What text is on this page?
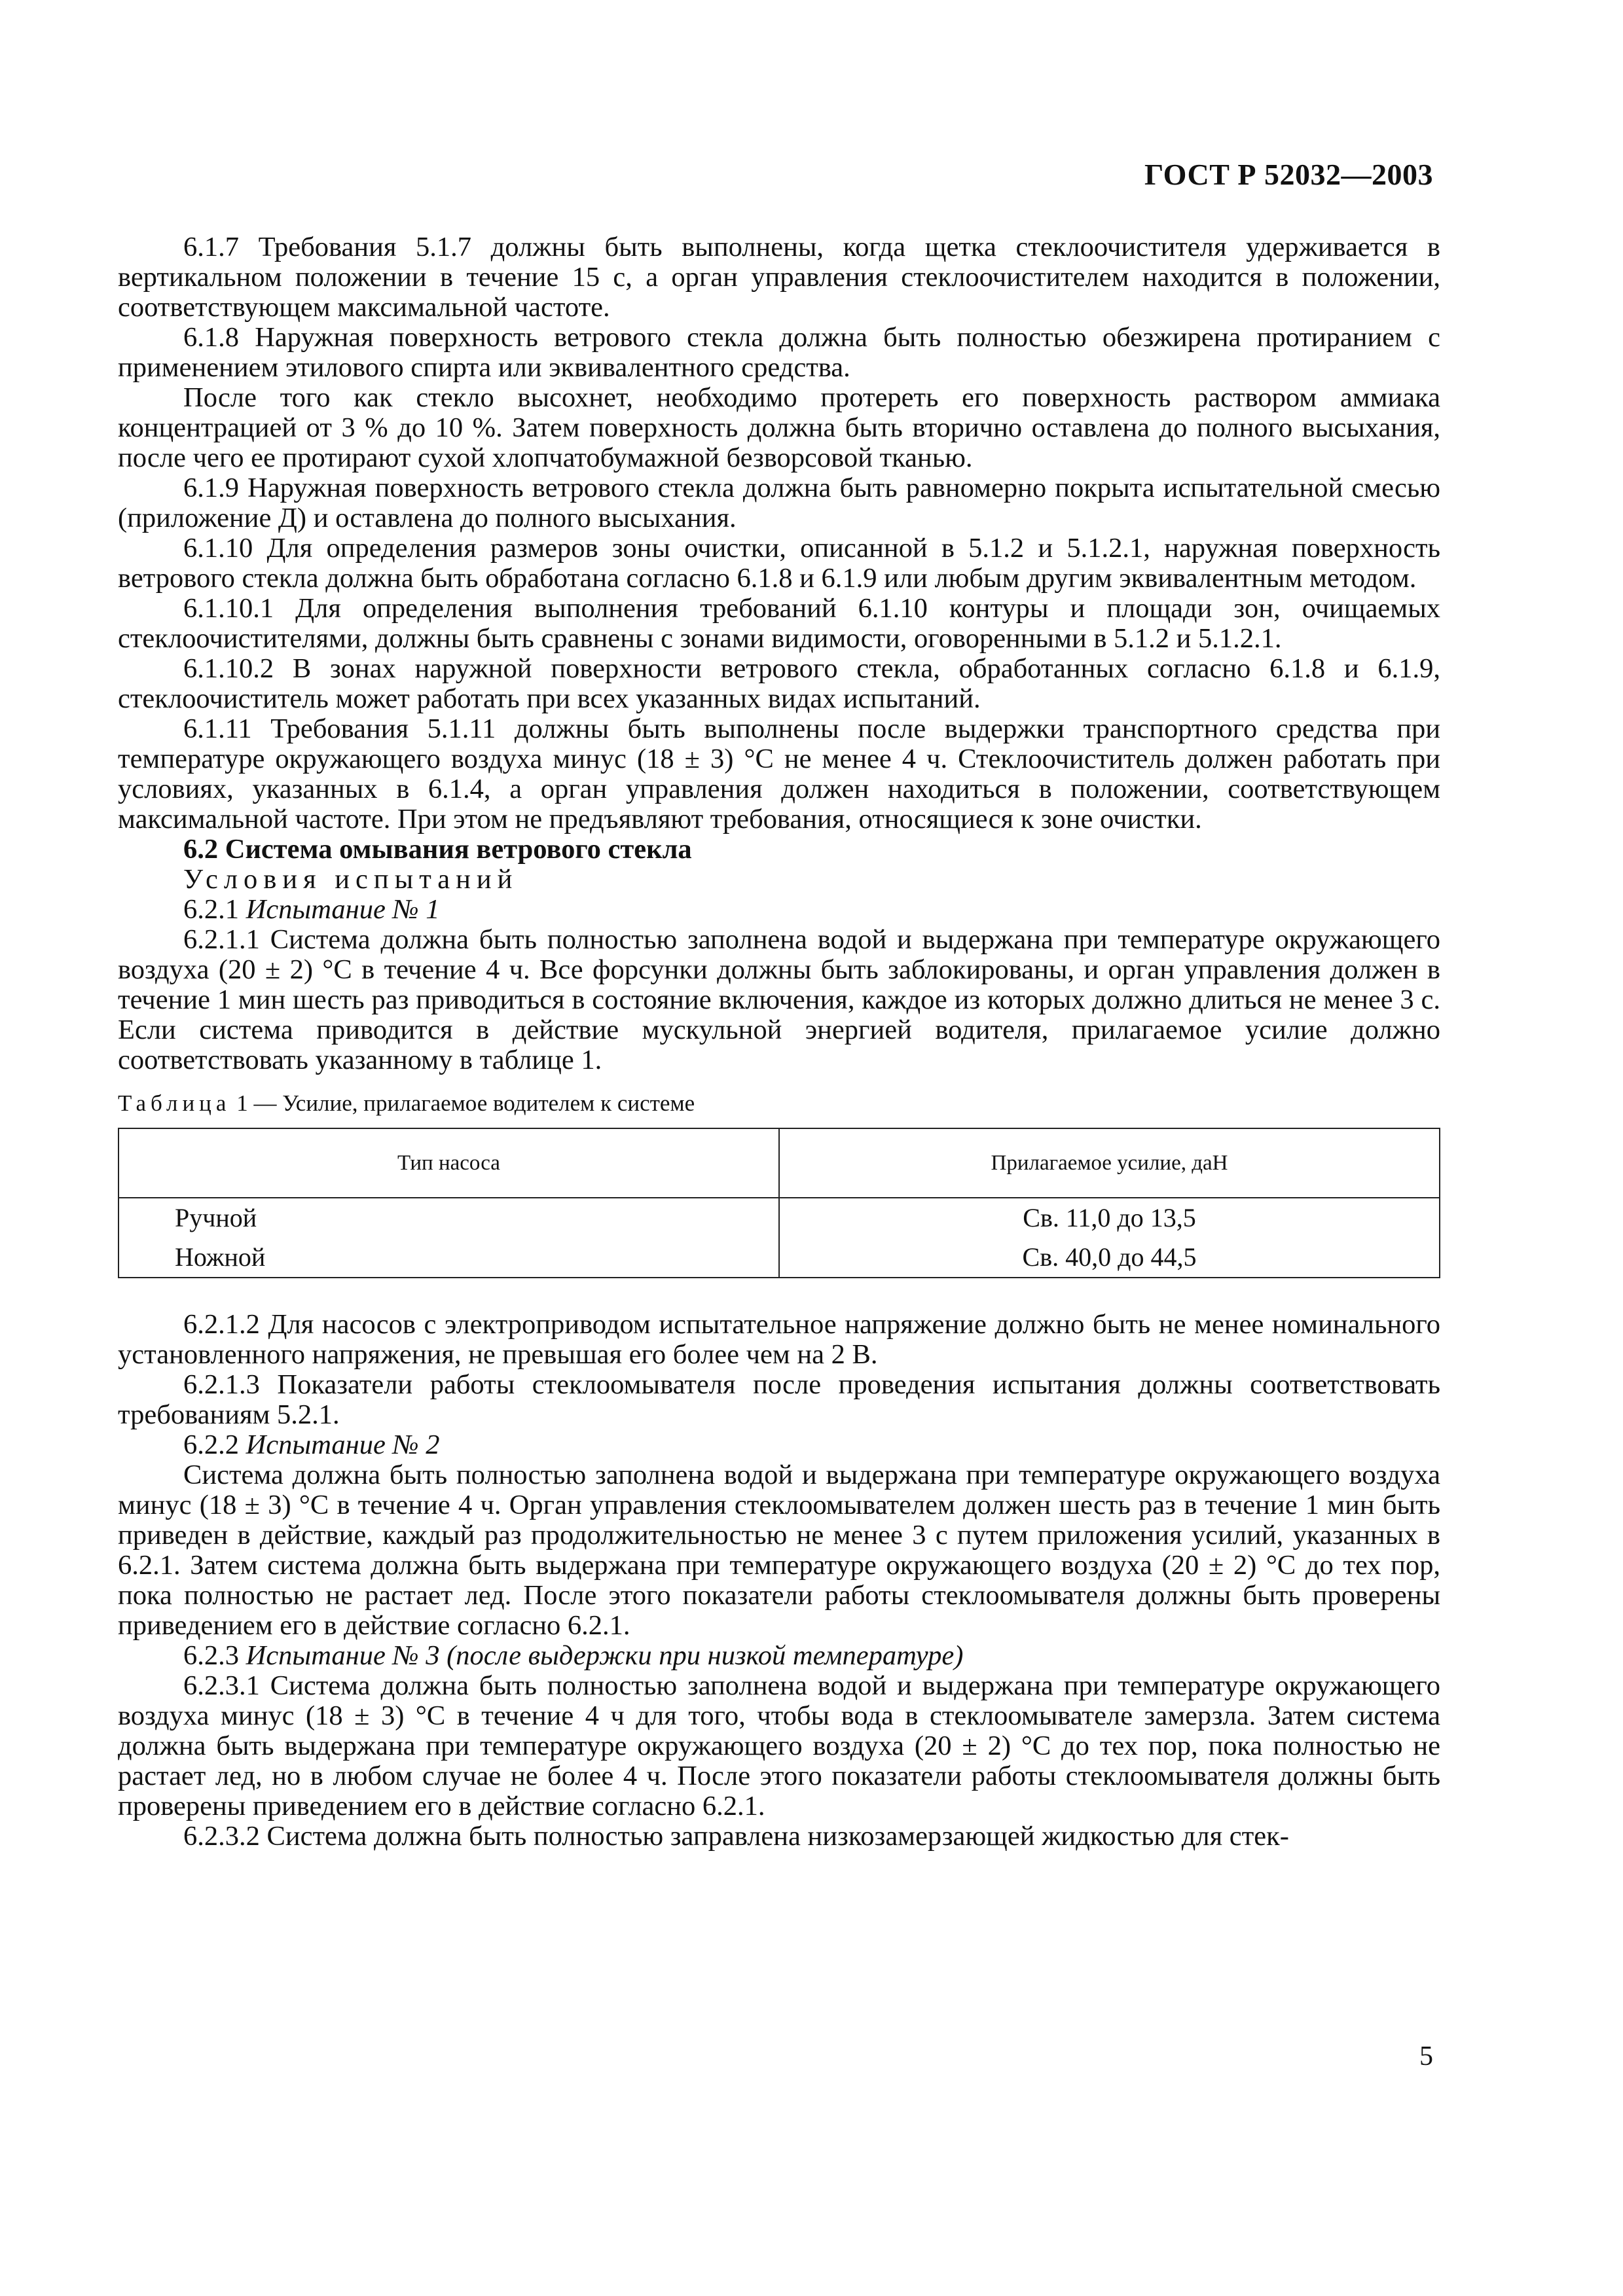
ГОСТ Р 52032—2003

6.1.7 Требования 5.1.7 должны быть выполнены, когда щетка стеклоочистителя удерживается в вертикальном положении в течение 15 с, а орган управления стеклоочистителем находится в положении, соответствующем максимальной частоте.

6.1.8 Наружная поверхность ветрового стекла должна быть полностью обезжирена протиранием с применением этилового спирта или эквивалентного средства.

После того как стекло высохнет, необходимо протереть его поверхность раствором аммиака концентрацией от 3 % до 10 %. Затем поверхность должна быть вторично оставлена до полного высыхания, после чего ее протирают сухой хлопчатобумажной безворсовой тканью.

6.1.9 Наружная поверхность ветрового стекла должна быть равномерно покрыта испытательной смесью (приложение Д) и оставлена до полного высыхания.

6.1.10 Для определения размеров зоны очистки, описанной в 5.1.2 и 5.1.2.1, наружная поверхность ветрового стекла должна быть обработана согласно 6.1.8 и 6.1.9 или любым другим эквивалентным методом.

6.1.10.1 Для определения выполнения требований 6.1.10 контуры и площади зон, очищаемых стеклоочистителями, должны быть сравнены с зонами видимости, оговоренными в 5.1.2 и 5.1.2.1.

6.1.10.2 В зонах наружной поверхности ветрового стекла, обработанных согласно 6.1.8 и 6.1.9, стеклоочиститель может работать при всех указанных видах испытаний.

6.1.11 Требования 5.1.11 должны быть выполнены после выдержки транспортного средства при температуре окружающего воздуха минус (18 ± 3) °С не менее 4 ч. Стеклоочиститель должен работать при условиях, указанных в 6.1.4, а орган управления должен находиться в положении, соответствующем максимальной частоте. При этом не предъявляют требования, относящиеся к зоне очистки.

6.2 Система омывания ветрового стекла

Условия испытаний

6.2.1 Испытание № 1

6.2.1.1 Система должна быть полностью заполнена водой и выдержана при температуре окружающего воздуха (20 ± 2) °С в течение 4 ч. Все форсунки должны быть заблокированы, и орган управления должен в течение 1 мин шесть раз приводиться в состояние включения, каждое из которых должно длиться не менее 3 с. Если система приводится в действие мускульной энергией водителя, прилагаемое усилие должно соответствовать указанному в таблице 1.

Таблица 1 — Усилие, прилагаемое водителем к системе

Тип насоса	Прилагаемое усилие, даН
Ручной	Св. 11,0 до 13,5
Ножной	Св. 40,0 до 44,5

6.2.1.2 Для насосов с электроприводом испытательное напряжение должно быть не менее номинального установленного напряжения, не превышая его более чем на 2 В.

6.2.1.3 Показатели работы стеклоомывателя после проведения испытания должны соответствовать требованиям 5.2.1.

6.2.2 Испытание № 2

Система должна быть полностью заполнена водой и выдержана при температуре окружающего воздуха минус (18 ± 3) °С в течение 4 ч. Орган управления стеклоомывателем должен шесть раз в течение 1 мин быть приведен в действие, каждый раз продолжительностью не менее 3 с путем приложения усилий, указанных в 6.2.1. Затем система должна быть выдержана при температуре окружающего воздуха (20 ± 2) °С до тех пор, пока полностью не растает лед. После этого показатели работы стеклоомывателя должны быть проверены приведением его в действие согласно 6.2.1.

6.2.3 Испытание № 3 (после выдержки при низкой температуре)

6.2.3.1 Система должна быть полностью заполнена водой и выдержана при температуре окружающего воздуха минус (18 ± 3) °С в течение 4 ч для того, чтобы вода в стеклоомывателе замерзла. Затем система должна быть выдержана при температуре окружающего воздуха (20 ± 2) °С до тех пор, пока полностью не растает лед, но в любом случае не более 4 ч. После этого показатели работы стеклоомывателя должны быть проверены приведением его в действие согласно 6.2.1.

6.2.3.2 Система должна быть полностью заправлена низкозамерзающей жидкостью для стек-

5
